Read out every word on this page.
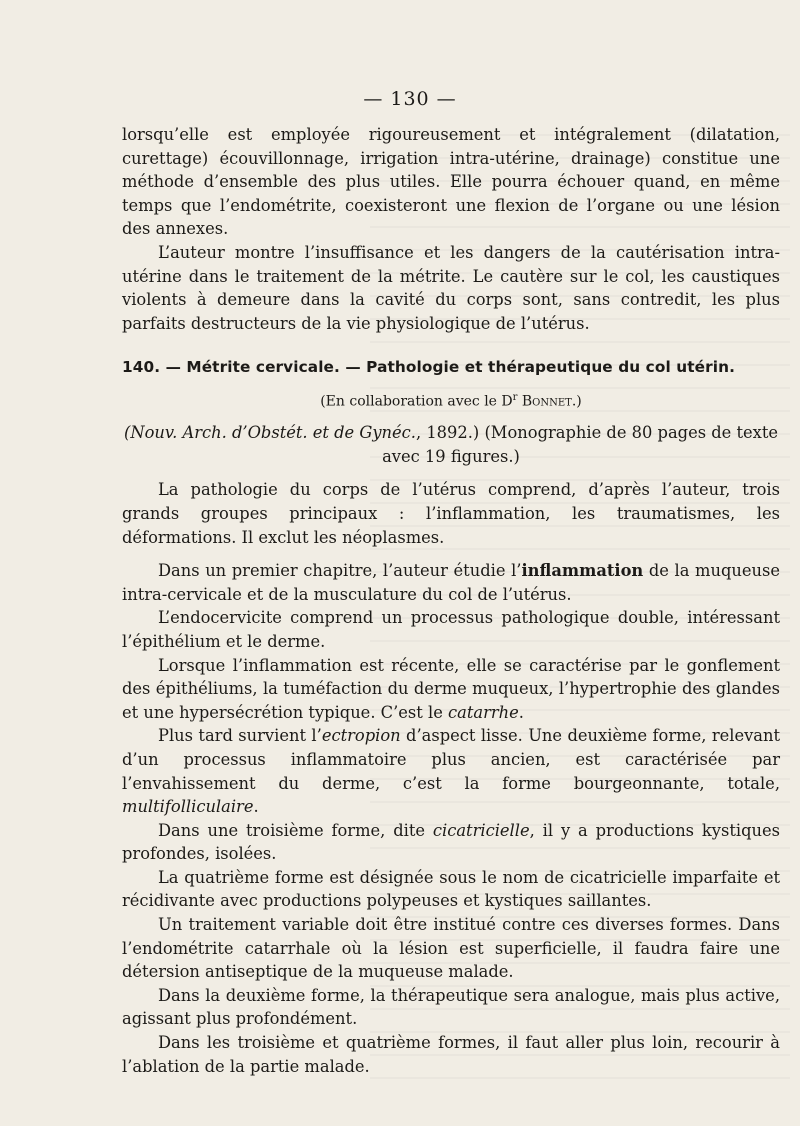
— 130 —

lorsqu’elle est employée rigoureusement et intégralement (dilatation, curettage) écouvillonnage, irrigation intra-utérine, drainage) constitue une méthode d’ensemble des plus utiles. Elle pourra échouer quand, en même temps que l’endométrite, coexisteront une flexion de l’organe ou une lésion des annexes.

L’auteur montre l’insuffisance et les dangers de la cautérisation intra-utérine dans le traitement de la métrite. Le cautère sur le col, les caustiques violents à demeure dans la cavité du corps sont, sans contredit, les plus parfaits destructeurs de la vie physiologique de l’utérus.

140. — Métrite cervicale. — Pathologie et thérapeutique du col utérin.

(En collaboration avec le $D^r$ Bonnet.)

(Nouv. Arch. d’Obstét. et de Gynéc., 1892.) (Monographie de 80 pages de texte avec 19 figures.)

La pathologie du corps de l’utérus comprend, d’après l’auteur, trois grands groupes principaux : l’inflammation, les traumatismes, les déformations. Il exclut les néoplasmes.

Dans un premier chapitre, l’auteur étudie l’inflammation de la muqueuse intra-cervicale et de la musculature du col de l’utérus.

L’endocervicite comprend un processus pathologique double, intéressant l’épithélium et le derme.

Lorsque l’inflammation est récente, elle se caractérise par le gonflement des épithéliums, la tuméfaction du derme muqueux, l’hypertrophie des glandes et une hypersécrétion typique. C’est le catarrhe.

Plus tard survient l’ectropion d’aspect lisse. Une deuxième forme, relevant d’un processus inflammatoire plus ancien, est caractérisée par l’envahissement du derme, c’est la forme bourgeonnante, totale, multifolliculaire.

Dans une troisième forme, dite cicatricielle, il y a productions kystiques profondes, isolées.

La quatrième forme est désignée sous le nom de cicatricielle imparfaite et récidivante avec productions polypeuses et kystiques saillantes.

Un traitement variable doit être institué contre ces diverses formes. Dans l’endométrite catarrhale où la lésion est superficielle, il faudra faire une détersion antiseptique de la muqueuse malade.

Dans la deuxième forme, la thérapeutique sera analogue, mais plus active, agissant plus profondément.

Dans les troisième et quatrième formes, il faut aller plus loin, recourir à l’ablation de la partie malade.
